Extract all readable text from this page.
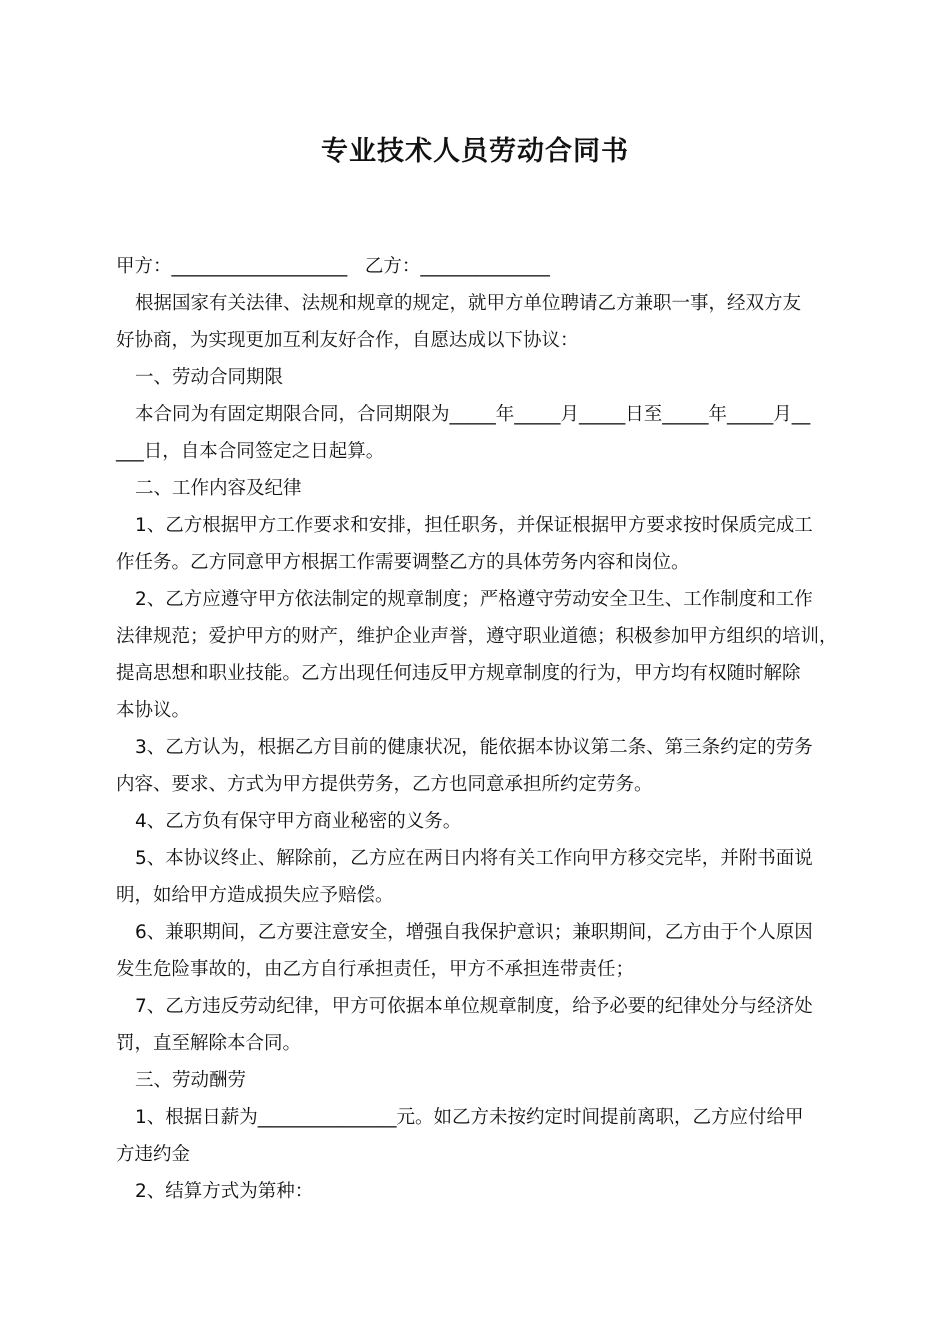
专业技术人员劳动合同书
甲方：___________________   乙方：______________
根据国家有关法律、法规和规章的规定，就甲方单位聘请乙方兼职一事，经双方友
好协商，为实现更加互利友好合作，自愿达成以下协议：
一、劳动合同期限
本合同为有固定期限合同，合同期限为_____年_____月_____日至_____年_____月__
___日，自本合同签定之日起算。
二、工作内容及纪律
1、乙方根据甲方工作要求和安排，担任职务，并保证根据甲方要求按时保质完成工
作任务。乙方同意甲方根据工作需要调整乙方的具体劳务内容和岗位。
2、乙方应遵守甲方依法制定的规章制度；严格遵守劳动安全卫生、工作制度和工作
法律规范；爱护甲方的财产，维护企业声誉，遵守职业道德；积极参加甲方组织的培训，
提高思想和职业技能。乙方出现任何违反甲方规章制度的行为，甲方均有权随时解除
本协议。
3、乙方认为，根据乙方目前的健康状况，能依据本协议第二条、第三条约定的劳务
内容、要求、方式为甲方提供劳务，乙方也同意承担所约定劳务。
4、乙方负有保守甲方商业秘密的义务。
5、本协议终止、解除前，乙方应在两日内将有关工作向甲方移交完毕，并附书面说
明，如给甲方造成损失应予赔偿。
6、兼职期间，乙方要注意安全，增强自我保护意识；兼职期间，乙方由于个人原因
发生危险事故的，由乙方自行承担责任，甲方不承担连带责任；
7、乙方违反劳动纪律，甲方可依据本单位规章制度，给予必要的纪律处分与经济处
罚，直至解除本合同。
三、劳动酬劳
1、根据日薪为_______________元。如乙方未按约定时间提前离职，乙方应付给甲
方违约金
2、结算方式为第种：
